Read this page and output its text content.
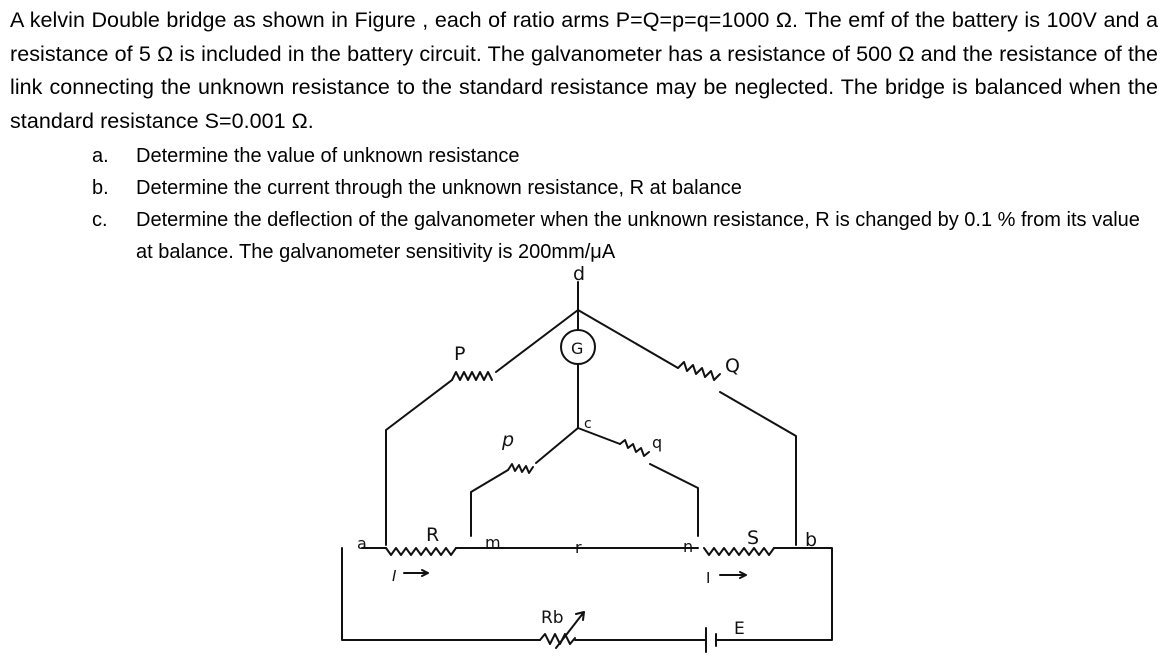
A kelvin Double bridge as shown in Figure , each of ratio arms P=Q=p=q=1000 Ω. The emf of the battery is 100V and a resistance of 5 Ω is included in the battery circuit. The galvanometer has a resistance of 500 Ω and the resistance of the link connecting the unknown resistance to the standard resistance may be neglected. The bridge is balanced when the standard resistance S=0.001 Ω.
a.	Determine the value of unknown resistance
b.	Determine the current through the unknown resistance, R at balance
c.	Determine the deflection of the galvanometer when the unknown resistance, R is changed by 0.1 % from its value at balance. The galvanometer sensitivity is 200mm/μA
d
P	G
Q
p
c
q
a	R	m	r	n	S b
I	I
Rb
E
